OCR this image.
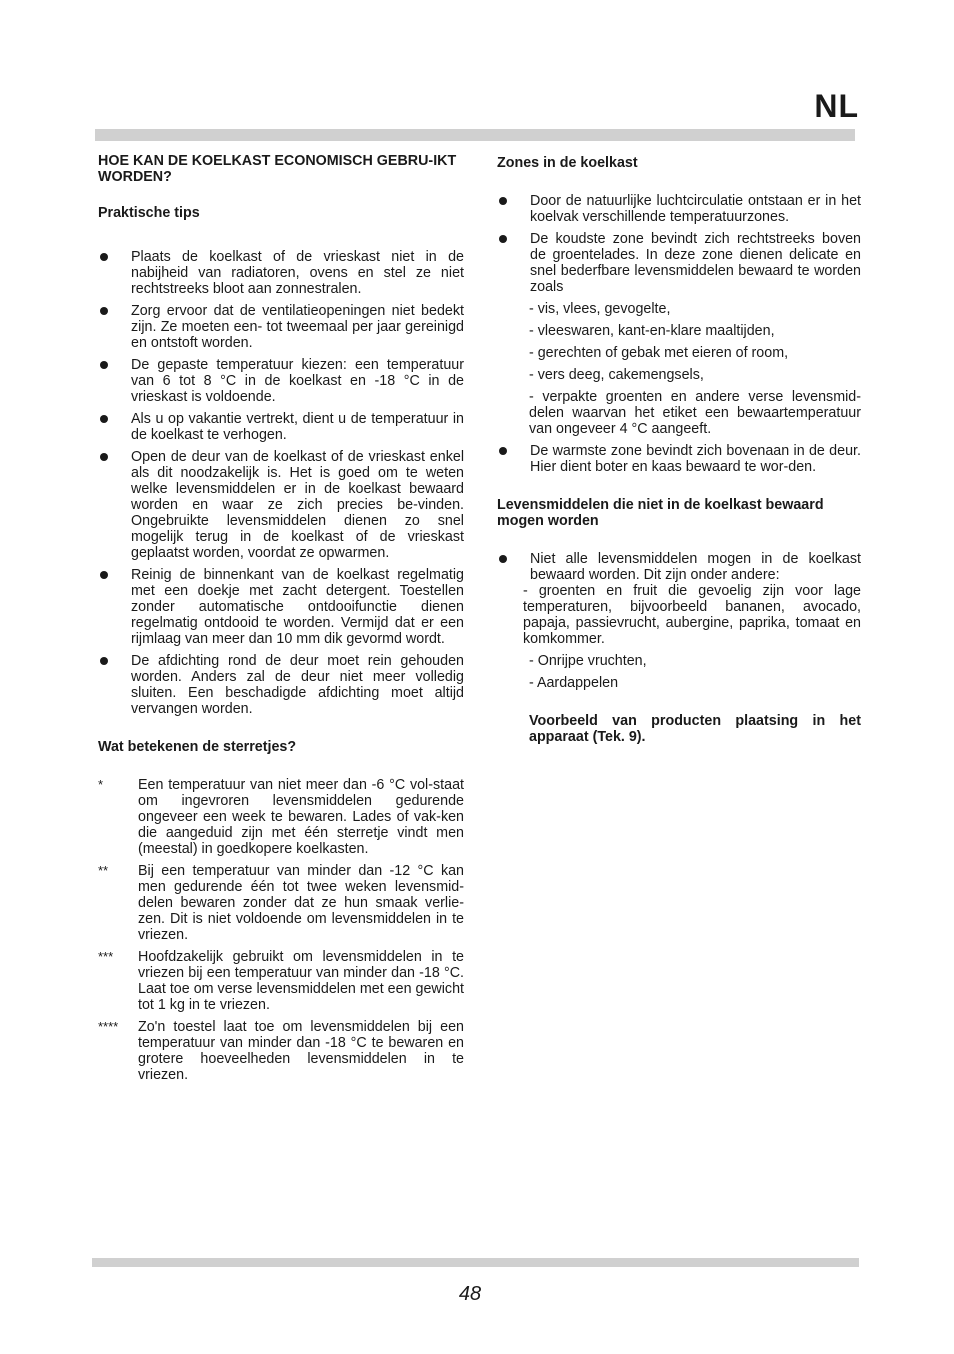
NL
HOE KAN DE KOELKAST ECONOMISCH GEBRU-IKT WORDEN?
Praktische tips
Plaats de koelkast of de vrieskast niet in de nabijheid van radiatoren, ovens en stel ze niet rechtstreeks bloot aan zonnestralen.
Zorg ervoor dat de ventilatieopeningen niet bedekt zijn. Ze moeten een- tot tweemaal per jaar gereinigd en ontstoft worden.
De gepaste temperatuur kiezen: een temperatuur van 6 tot 8 °C in de koelkast en -18 °C in de vrieskast is voldoende.
Als u op vakantie vertrekt, dient u de temperatuur in de koelkast te verhogen.
Open de deur van de koelkast of de vrieskast enkel als dit noodzakelijk is. Het is goed om te weten welke levensmiddelen er in de koelkast bewaard worden en waar ze zich precies be-vinden. Ongebruikte levensmiddelen dienen zo snel mogelijk terug in de koelkast of de vrieskast geplaatst worden, voordat ze opwarmen.
Reinig de binnenkant van de koelkast regelmatig met een doekje met zacht detergent. Toestellen zonder automatische ontdooifunctie dienen regelmatig ontdooid te worden. Vermijd dat er een rijmlaag van meer dan 10 mm dik gevormd wordt.
De afdichting rond de deur moet rein gehouden worden. Anders zal de deur niet meer volledig sluiten. Een beschadigde afdichting moet altijd vervangen worden.
Wat betekenen de sterretjes?
* Een temperatuur van niet meer dan -6 °C vol-staat om ingevroren levensmiddelen gedurende ongeveer een week te bewaren. Lades of vak-ken die aangeduid zijn met één sterretje vindt men (meestal) in goedkopere koelkasten.
** Bij een temperatuur van minder dan -12 °C kan men gedurende één tot twee weken levensmid-delen bewaren zonder dat ze hun smaak verlie-zen. Dit is niet voldoende om levensmiddelen in te vriezen.
*** Hoofdzakelijk gebruikt om levensmiddelen in te vriezen bij een temperatuur van minder dan -18 °C. Laat toe om verse levensmiddelen met een gewicht tot 1 kg in te vriezen.
**** Zo'n toestel laat toe om levensmiddelen bij een temperatuur van minder dan -18 °C te bewaren en grotere hoeveelheden levensmiddelen in te vriezen.
Zones in de koelkast
Door de natuurlijke luchtcirculatie ontstaan er in het koelvak verschillende temperatuurzones.
De koudste zone bevindt zich rechtstreeks boven de groentelades. In deze zone dienen delicate en snel bederfbare levensmiddelen bewaard te worden zoals
- vis, vlees, gevogelte,
- vleeswaren, kant-en-klare maaltijden,
- gerechten of gebak met eieren of room,
- vers deeg, cakemengsels,
- verpakte groenten en andere verse levensmid-delen waarvan het etiket een bewaartemperatuur van ongeveer 4 °C aangeeft.
De warmste zone bevindt zich bovenaan in de deur. Hier dient boter en kaas bewaard te wor-den.
Levensmiddelen die niet in de koelkast bewaard mogen worden
Niet alle levensmiddelen mogen in de koelkast bewaard worden. Dit zijn onder andere:
- groenten en fruit die gevoelig zijn voor lage temperaturen, bijvoorbeeld bananen, avocado, papaja, passievrucht, aubergine, paprika, tomaat en komkommer.
- Onrijpe vruchten,
- Aardappelen
Voorbeeld van producten plaatsing in het apparaat (Tek. 9).
48
